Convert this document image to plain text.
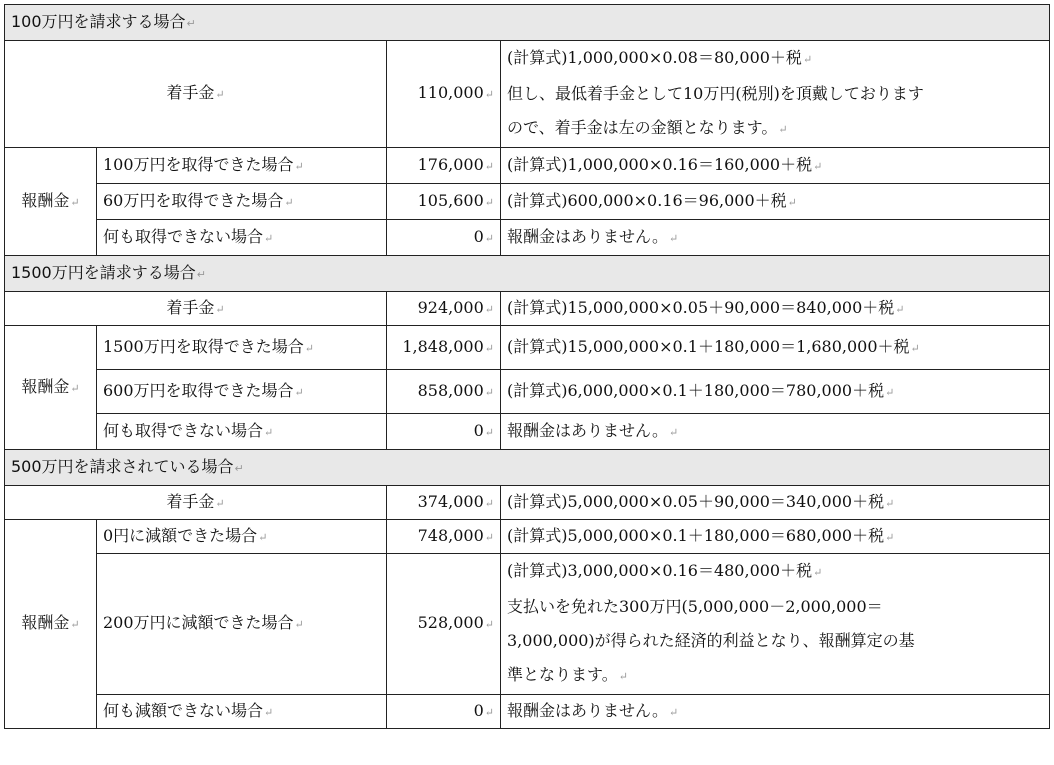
100万円を請求する場合↵			
着手金↵		110,000↵	(計算式)1,000,000×0.08＝80,000＋税↵
但し、最低着手金として10万円(税別)を頂戴しております
ので、着手金は左の金額となります。↵

報酬金↵	100万円を取得できた場合↵	176,000↵	(計算式)1,000,000×0.16＝160,000＋税↵
	60万円を取得できた場合↵	105,600↵	(計算式)600,000×0.16＝96,000＋税↵
	何も取得できない場合↵	0↵	報酬金はありません。↵
1500万円を請求する場合↵			
着手金↵		924,000↵	(計算式)15,000,000×0.05＋90,000＝840,000＋税↵
報酬金↵	1500万円を取得できた場合↵	1,848,000↵	(計算式)15,000,000×0.1＋180,000＝1,680,000＋税↵
	600万円を取得できた場合↵	858,000↵	(計算式)6,000,000×0.1＋180,000＝780,000＋税↵
	何も取得できない場合↵	0↵	報酬金はありません。↵
500万円を請求されている場合↵			
着手金↵		374,000↵	(計算式)5,000,000×0.05＋90,000＝340,000＋税↵
報酬金↵	0円に減額できた場合↵	748,000↵	(計算式)5,000,000×0.1＋180,000＝680,000＋税↵
	200万円に減額できた場合↵	528,000↵	(計算式)3,000,000×0.16＝480,000＋税↵
支払いを免れた300万円(5,000,000－2,000,000＝
3,000,000)が得られた経済的利益となり、報酬算定の基
準となります。↵

	何も減額できない場合↵	0↵	報酬金はありません。↵
